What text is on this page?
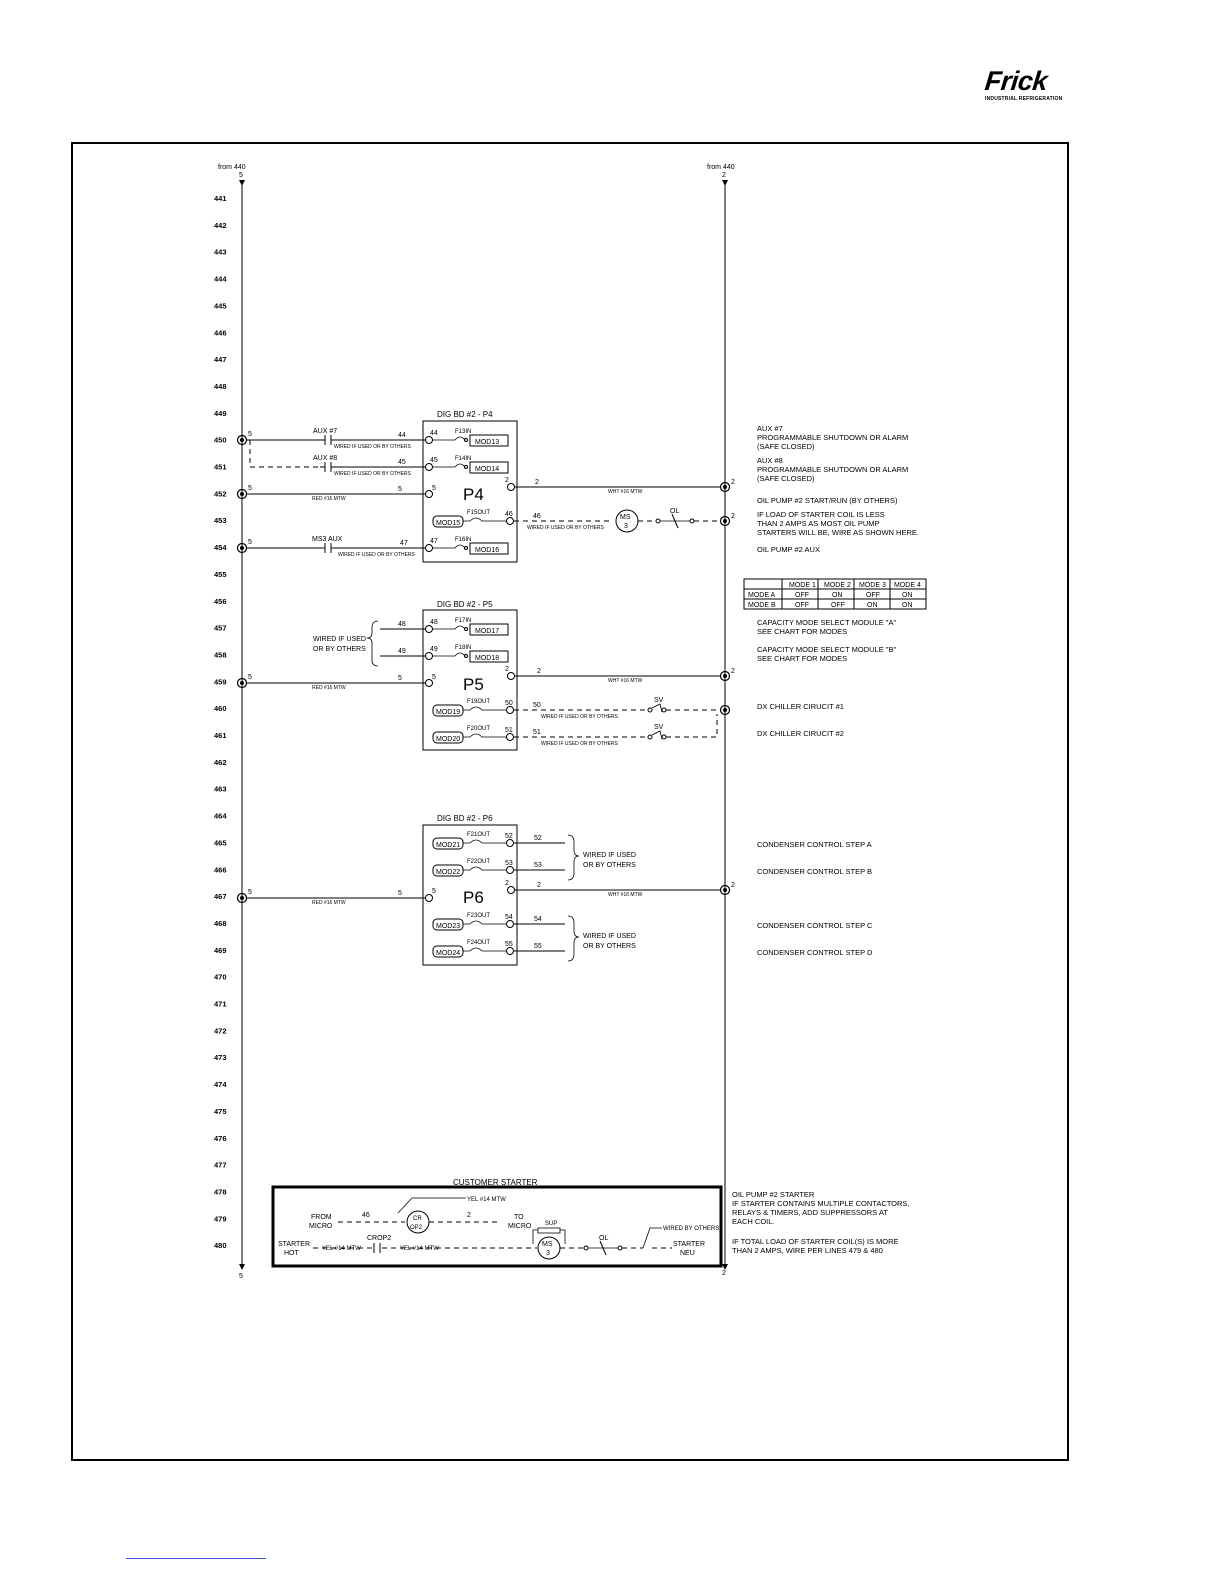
Frick
INDUSTRIAL REFRIGERATION
from 440
5
from 440
2
5	2
441
442
443
444
445
446
447
448
449
450
451
452
453
454
455
456
457
458
459
460
461
462
463
464
465
466
467
468
469
470
471
472
473
474
475
476
477
478
479
480
DIG BD #2 - P4
P4
5	AUX #7
44
WIRED IF USED OR BY OTHERS
44	F13IN
MOD13
AUX #8
45
WIRED IF USED OR BY OTHERS
45	F14IN
MOD14
5
RED #16 MTW
5	5
2	2
WHT #16 MTW
2
MOD15
F15OUT 46	46
WIRED IF USED OR BY OTHERS
MS
3
OL
2
5	MS3 AUX
47
WIRED IF USED OR BY OTHERS
47	F16IN
MOD16
DIG BD #2 - P5
P5
WIRED IF USED
OR BY OTHERS
48	48	F17IN
MOD17
49	49	F18IN
MOD18
5
RED #16 MTW
5	5
2	2
WHT #16 MTW
2
MOD19
F19OUT 50	50
WIRED IF USED OR BY OTHERS
SV
MOD20
F20OUT 51	51
WIRED IF USED OR BY OTHERS
SV
DIG BD #2 - P6
P6
MOD21
F21OUT 52	52
MOD22
F22OUT 53	53
WIRED IF USED
OR BY OTHERS
5
RED #16 MTW
5	5
2	2
WHT #16 MTW
2
MOD23
F23OUT 54	54
MOD24
F24OUT 55	55
WIRED IF USED
OR BY OTHERS
AUX #7
PROGRAMMABLE SHUTDOWN OR ALARM
(SAFE CLOSED)
AUX #8
PROGRAMMABLE SHUTDOWN OR ALARM
(SAFE CLOSED)
OIL PUMP #2 START/RUN (BY OTHERS)
IF LOAD OF STARTER COIL IS LESS
THAN 2 AMPS AS MOST OIL PUMP
STARTERS WILL BE, WIRE AS SHOWN HERE.
OIL PUMP #2 AUX
CAPACITY MODE SELECT MODULE "A"
SEE CHART FOR MODES
CAPACITY MODE SELECT MODULE "B"
SEE CHART FOR MODES
DX CHILLER CIRUCIT #1
DX CHILLER CIRUCIT #2
CONDENSER CONTROL STEP A
CONDENSER CONTROL STEP B
CONDENSER CONTROL STEP C
CONDENSER CONTROL STEP D
OIL PUMP #2 STARTER
IF STARTER CONTAINS MULTIPLE CONTACTORS,
RELAYS & TIMERS, ADD SUPPRESSORS AT
EACH COIL.
IF TOTAL LOAD OF STARTER COIL(S) IS MORE
THAN 2 AMPS, WIRE PER LINES 479 & 480
MODE 1 MODE 2 MODE 3 MODE 4
MODE A	OFF	ON	OFF	ON
MODE B	OFF	OFF	ON	ON
CUSTOMER STARTER
YEL #14 MTW
FROM
MICRO
46	CR
OP2
2	TO
MICRO
STARTER
HOT
YEL #14 MTW
CROP2
YEL #14 MTW
SUP
MS
3
OL
WIRED BY OTHERS
STARTER
NEU
